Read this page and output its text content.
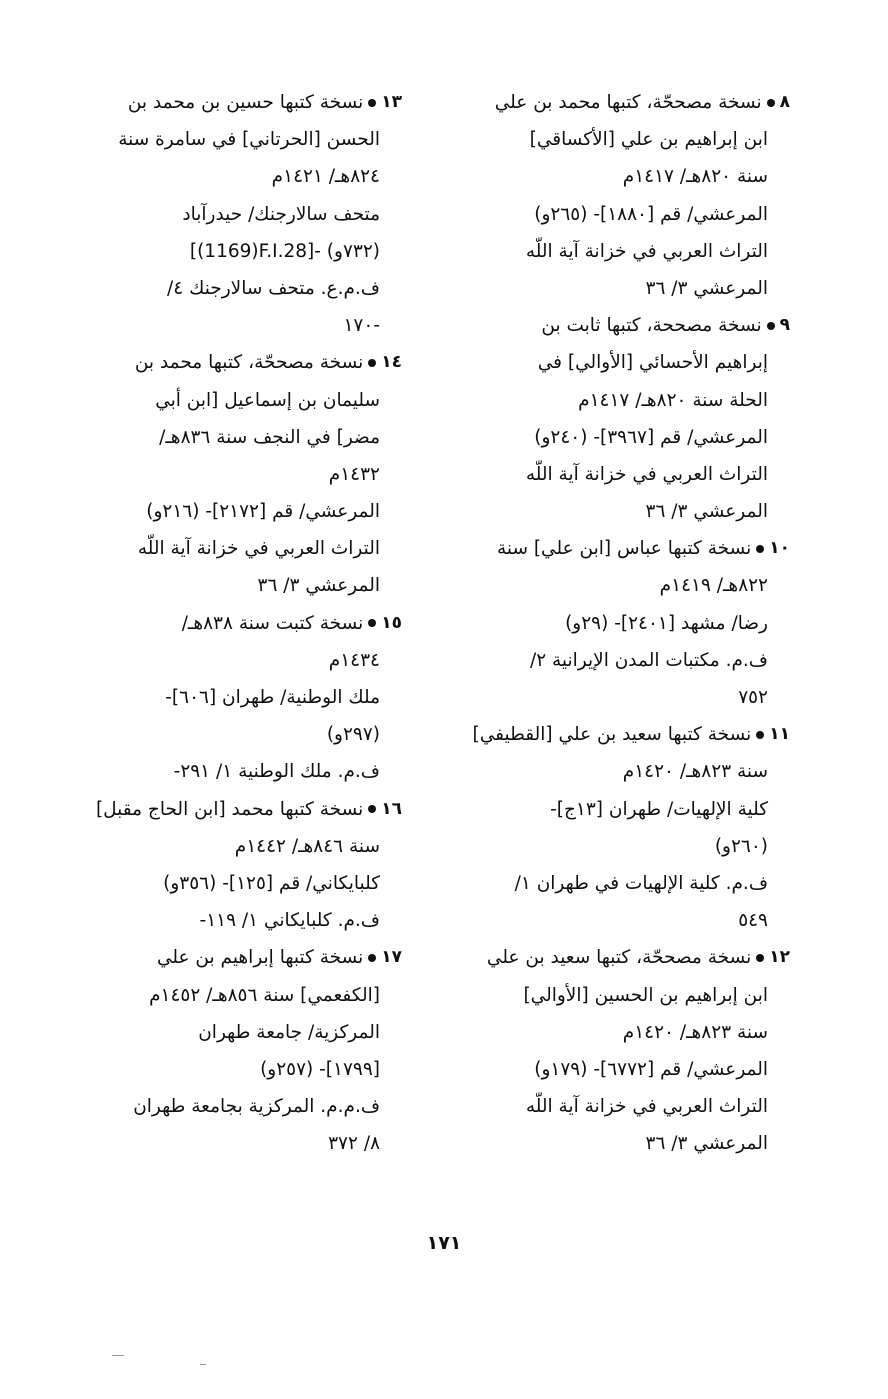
٨
نسخة مصححّة، كتبها محمد بن علي
ابن إبراهيم بن علي [الأكساقي]
سنة ٨٢٠هـ/ ١٤١٧م
المرعشي/ قم [١٨٨٠]- (٢٦٥و)
التراث العربي في خزانة آية اللّه
المرعشي ٣/ ٣٦
٩
نسخة مصححة، كتبها ثابت بن
إبراهيم الأحسائي [الأوالي] في
الحلة سنة ٨٢٠هـ/ ١٤١٧م
المرعشي/ قم [٣٩٦٧]- (٢٤٠و)
التراث العربي في خزانة آية اللّه
المرعشي ٣/ ٣٦
١٠
نسخة كتبها عباس [ابن علي] سنة
٨٢٢هـ/ ١٤١٩م
رضا/ مشهد [٢٤٠١]- (٢٩و)
ف.م. مكتبات المدن الإيرانية ٢/
٧٥٢
١١
نسخة كتبها سعيد بن علي [القطيفي]
سنة ٨٢٣هـ/ ١٤٢٠م
كلية الإلهيات/ طهران [١٣ج]-
(٢٦٠و)
ف.م. كلية الإلهيات في طهران ١/
٥٤٩
١٢
نسخة مصححّة، كتبها سعيد بن علي
ابن إبراهيم بن الحسين [الأوالي]
سنة ٨٢٣هـ/ ١٤٢٠م
المرعشي/ قم [٦٧٧٢]- (١٧٩و)
التراث العربي في خزانة آية اللّه
المرعشي ٣/ ٣٦
١٣
نسخة كتبها حسين بن محمد بن
الحسن [الحرتاني] في سامرة سنة
٨٢٤هـ/ ١٤٢١م
متحف سالارجنك/ حيدرآباد
[(1169)F.I.28]- (٧٣٢و)
ف.م.ع. متحف سالارجنك ٤/
١٧٠-
١٤
نسخة مصححّة، كتبها محمد بن
سليمان بن إسماعيل [ابن أبي
مضر] في النجف سنة ٨٣٦هـ/
١٤٣٢م
المرعشي/ قم [٢١٧٢]- (٢١٦و)
التراث العربي في خزانة آية اللّه
المرعشي ٣/ ٣٦
١٥
نسخة كتبت سنة ٨٣٨هـ/
١٤٣٤م
ملك الوطنية/ طهران [٦٠٦]-
(٢٩٧و)
ف.م. ملك الوطنية ١/ ٢٩١-
١٦
نسخة كتبها محمد [ابن الحاج مقبل]
سنة ٨٤٦هـ/ ١٤٤٢م
كلبايكاني/ قم [١٢٥]- (٣٥٦و)
ف.م. كلبايكاني ١/ ١١٩-
١٧
نسخة كتبها إبراهيم بن علي
[الكفعمي] سنة ٨٥٦هـ/ ١٤٥٢م
المركزية/ جامعة طهران
[١٧٩٩]- (٢٥٧و)
ف.م.م. المركزية بجامعة طهران
٨/ ٣٧٢
١٧١
